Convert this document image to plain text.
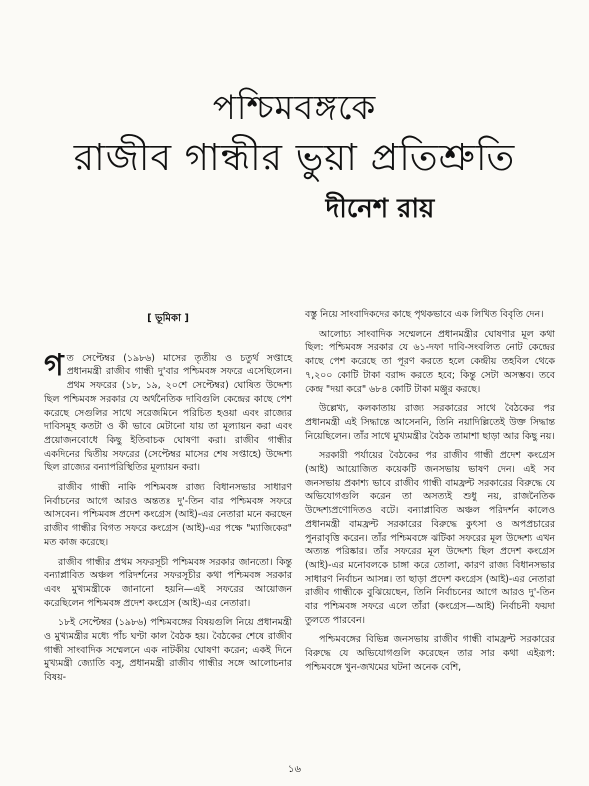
পশ্চিমবঙ্গকে
রাজীব গান্ধীর ভুয়া প্রতিশ্রুতি
দীনেশ রায়
[ ভূমিকা ]

গত সেপ্টেম্বর (১৯৮৬) মাসের তৃতীয় ও চতুর্থ সপ্তাহে প্রধানমন্ত্রী রাজীব গান্ধী দু'বার পশ্চিমবঙ্গ সফরে এসেছিলেন। প্রথম সফরের (১৮, ১৯, ২০শে সেপ্টেম্বর) ঘোষিত উদ্দেশ্য ছিল পশ্চিমবঙ্গ সরকার যে অর্থনৈতিক দাবিগুলি কেন্দ্রের কাছে পেশ করেছে সেগুলির সাথে সরেজমিনে পরিচিত হওয়া এবং রাজ্যের দাবিসমূহ কতটা ও কী ভাবে মেটানো যায় তা মূল্যায়ন করা এবং প্রয়োজনবোধে কিছু ইতিবাচক ঘোষণা করা। রাজীব গান্ধীর একদিনের দ্বিতীয় সফরের (সেপ্টেম্বর মাসের শেষ সপ্তাহে) উদ্দেশ্য ছিল রাজ্যের বন্যাপরিস্থিতির মূল্যায়ন করা।

রাজীব গান্ধী নাকি পশ্চিমবঙ্গ রাজ্য বিধানসভার সাধারণ নির্বাচনের আগে আরও অন্ততঃ দু'-তিন বার পশ্চিমবঙ্গ সফরে আসবেন। পশ্চিমবঙ্গ প্রদেশ কংগ্রেস (আই)-এর নেতারা মনে করছেন রাজীব গান্ধীর বিগত সফরে কংগ্রেস (আই)-এর পক্ষে "ম্যাজিকের" মত কাজ করেছে।

রাজীব গান্ধীর প্রথম সফরসূচী পশ্চিমবঙ্গ সরকার জানতো। কিন্তু বন্যাপ্লাবিত অঞ্চল পরিদর্শনের সফরসূচীর কথা পশ্চিমবঙ্গ সরকার এবং মুখ্যমন্ত্রীকে জানানো হয়নি—এই সফরের আয়োজন করেছিলেন পশ্চিমবঙ্গ প্রদেশ কংগ্রেস (আই)-এর নেতারা।

১৮ই সেপ্টেম্বর (১৯৮৬) পশ্চিমবঙ্গের বিষয়গুলি নিয়ে প্রধানমন্ত্রী ও মুখ্যমন্ত্রীর মধ্যে পাঁচ ঘণ্টা কাল বৈঠক হয়। বৈঠকের শেষে রাজীব গান্ধী সাংবাদিক সম্মেলনে এক নাটকীয় ঘোষণা করেন; একই দিনে মুখ্যমন্ত্রী জ্যোতি বসু, প্রধানমন্ত্রী রাজীব গান্ধীর সঙ্গে আলোচনার বিষয়-

বস্তু নিয়ে সাংবাদিকদের কাছে পৃথকভাবে এক লিখিত বিবৃতি দেন।

আলোচ্য সাংবাদিক সম্মেলনে প্রধানমন্ত্রীর ঘোষণার মূল কথা ছিল: পশ্চিমবঙ্গ সরকার যে ৬১-দফা দাবি-সংবলিত নোট কেন্দ্রের কাছে পেশ করেছে তা পূরণ করতে হলে কেন্দ্রীয় তহবিল থেকে ৭,২০০ কোটি টাকা বরাদ্দ করতে হবে; কিন্তু সেটা অসম্ভব। তবে কেন্দ্র "দয়া করে" ৬৮৪ কোটি টাকা মঞ্জুর করছে।

উল্লেখ্য, কলকাতায় রাজ্য সরকারের সাথে বৈঠকের পর প্রধানমন্ত্রী এই সিদ্ধান্তে আসেননি, তিনি নয়াদিল্লিতেই উক্ত সিদ্ধান্ত নিয়েছিলেন। তাঁর সাথে মুখ্যমন্ত্রীর বৈঠক তামাশা ছাড়া আর কিছু নয়।

সরকারী পর্যায়ের বৈঠকের পর রাজীব গান্ধী প্রদেশ কংগ্রেস (আই) আয়োজিত কয়েকটি জনসভায় ভাষণ দেন। এই সব জনসভায় প্রকাশ্য ভাবে রাজীব গান্ধী বামফ্রন্ট সরকারের বিরুদ্ধে যে অভিযোগগুলি করেন তা অসত্যই শুধু নয়, রাজনৈতিক উদ্দেশ্যপ্রণোদিতও বটে। বন্যাপ্লাবিত অঞ্চল পরিদর্শন কালেও প্রধানমন্ত্রী বামফ্রন্ট সরকারের বিরুদ্ধে কুৎসা ও অপপ্রচারের পুনরাবৃত্তি করেন। তাঁর পশ্চিমবঙ্গে ঝটিকা সফরের মূল উদ্দেশ্য এখন অত্যন্ত পরিষ্কার। তাঁর সফরের মূল উদ্দেশ্য ছিল প্রদেশ কংগ্রেস (আই)-এর মনোবলকে চাঙ্গা করে তোলা, কারণ রাজ্য বিধানসভার সাধারণ নির্বাচন আসন্ন। তা ছাড়া প্রদেশ কংগ্রেস (আই)-এর নেতারা রাজীব গান্ধীকে বুঝিয়েছেন, তিনি নির্বাচনের আগে আরও দু'-তিন বার পশ্চিমবঙ্গ সফরে এলে তাঁরা (কংগ্রেস—আই) নির্বাচনী ফয়দা তুলতে পারবেন।

পশ্চিমবঙ্গের বিভিন্ন জনসভায় রাজীব গান্ধী বামফ্রন্ট সরকারের বিরুদ্ধে যে অভিযোগগুলি করেছেন তার সার কথা এইরূপ: পশ্চিমবঙ্গে খুন-জখমের ঘটনা অনেক বেশি,

১৬
